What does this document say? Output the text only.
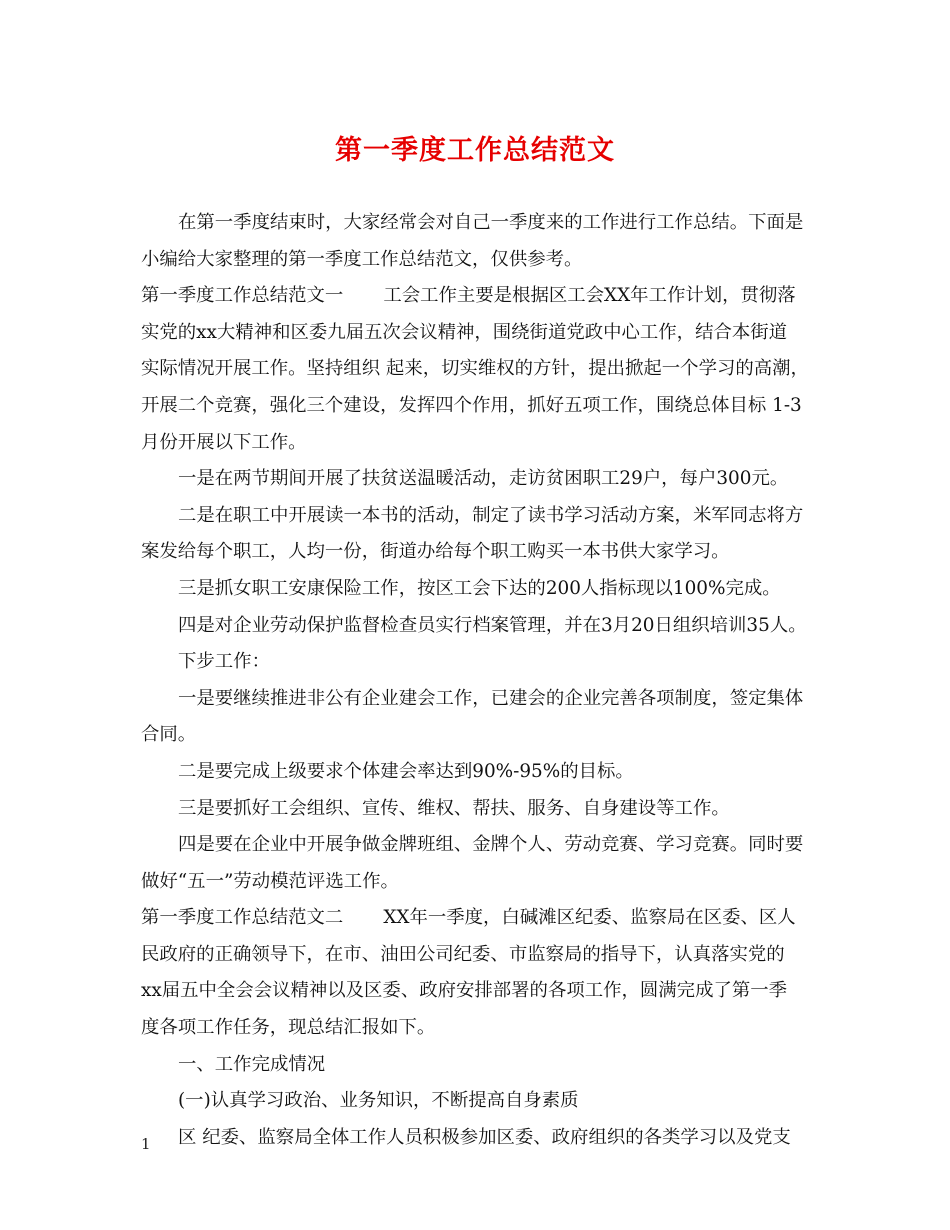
第一季度工作总结范文
在第一季度结束时，大家经常会对自己一季度来的工作进行工作总结。下面是
小编给大家整理的第一季度工作总结范文，仅供参考。
第一季度工作总结范文一 工会工作主要是根据区工会XX年工作计划，贯彻落
实党的xx大精神和区委九届五次会议精神，围绕街道党政中心工作，结合本街道
实际情况开展工作。坚持组织 起来，切实维权的方针，提出掀起一个学习的高潮，
开展二个竞赛，强化三个建设，发挥四个作用，抓好五项工作，围绕总体目标 1-3
月份开展以下工作。
一是在两节期间开展了扶贫送温暖活动，走访贫困职工29户，每户300元。
二是在职工中开展读一本书的活动，制定了读书学习活动方案，米军同志将方
案发给每个职工，人均一份，街道办给每个职工购买一本书供大家学习。
三是抓女职工安康保险工作，按区工会下达的200人指标现以100%完成。
四是对企业劳动保护监督检查员实行档案管理，并在3月20日组织培训35人。
下步工作：
一是要继续推进非公有企业建会工作，已建会的企业完善各项制度，签定集体
合同。
二是要完成上级要求个体建会率达到90%-95%的目标。
三是要抓好工会组织、宣传、维权、帮扶、服务、自身建设等工作。
四是要在企业中开展争做金牌班组、金牌个人、劳动竞赛、学习竞赛。同时要
做好“五一”劳动模范评选工作。
第一季度工作总结范文二 XX年一季度，白碱滩区纪委、监察局在区委、区人
民政府的正确领导下，在市、油田公司纪委、市监察局的指导下，认真落实党的
xx届五中全会会议精神以及区委、政府安排部署的各项工作，圆满完成了第一季
度各项工作任务，现总结汇报如下。
一、工作完成情况
(一)认真学习政治、业务知识，不断提高自身素质
区 纪委、监察局全体工作人员积极参加区委、政府组织的各类学习以及党支
1
